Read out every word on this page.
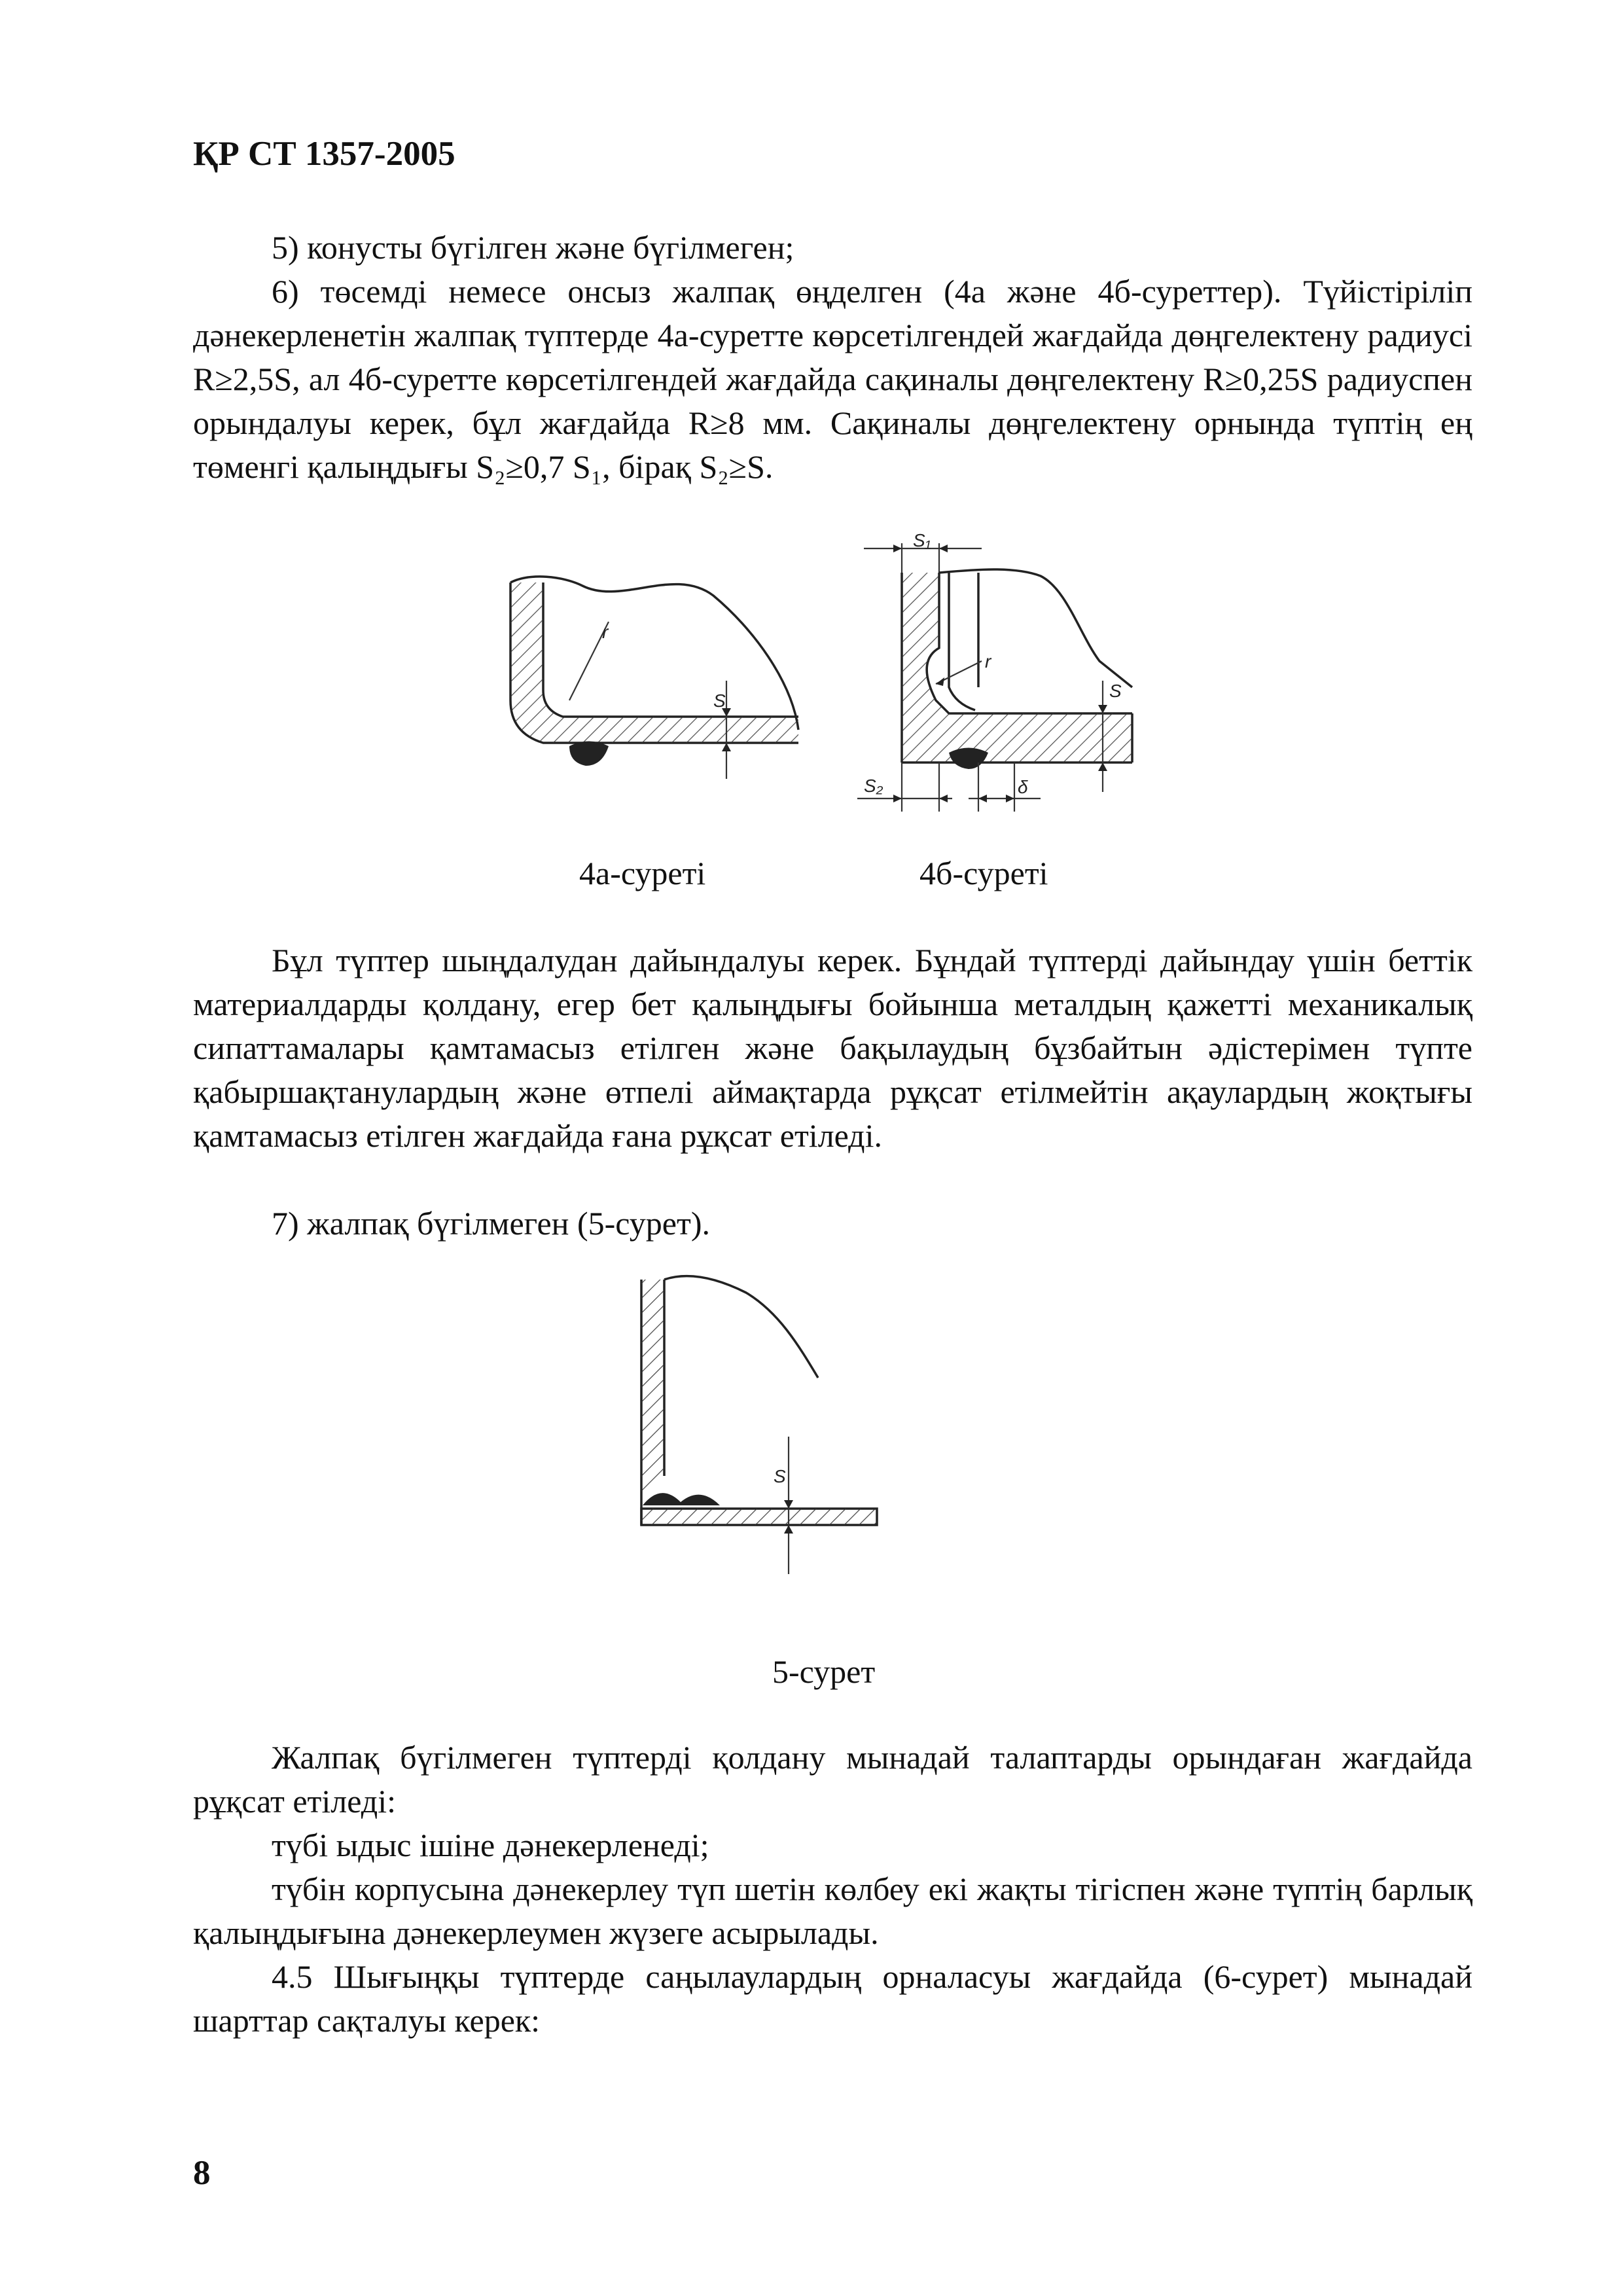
ҚР СТ 1357-2005
5) конусты бүгілген және бүгілмеген;
6) төсемді немесе онсыз жалпақ өңделген (4а және 4б-суреттер). Түйістіріліп дәнекерленетін жалпақ түптерде 4а-суретте көрсетілгендей жағдайда дөңгелектену радиусі R≥2,5S, ал 4б-суретте көрсетілгендей жағдайда сақиналы дөңгелектену R≥0,25S радиуспен орындалуы керек, бұл жағдайда R≥8 мм. Сақиналы дөңгелектену орнында түптің ең төменгі қалыңдығы S₂≥0,7 S₁, бірақ S₂≥S.
r
S
S₁
r
S
S₂	δ
4а-суреті	4б-суреті
Бұл түптер шыңдалудан дайындалуы керек. Бұндай түптерді дайындау үшін беттік материалдарды қолдану, егер бет қалыңдығы бойынша металдың қажетті механикалық сипаттамалары қамтамасыз етілген және бақылаудың бұзбайтын әдістерімен түпте қабыршақтанулардың және өтпелі аймақтарда рұқсат етілмейтін ақаулардың жоқтығы қамтамасыз етілген жағдайда ғана рұқсат етіледі.
7) жалпақ бүгілмеген (5-сурет).
S
5-сурет
Жалпақ бүгілмеген түптерді қолдану мынадай талаптарды орындаған жағдайда рұқсат етіледі:
түбі ыдыс ішіне дәнекерленеді;
түбін корпусына дәнекерлеу түп шетін көлбеу екі жақты тігіспен және түптің барлық қалыңдығына дәнекерлеумен жүзеге асырылады.
4.5 Шығыңқы түптерде саңылаулардың орналасуы жағдайда (6-сурет) мынадай шарттар сақталуы керек:
8
